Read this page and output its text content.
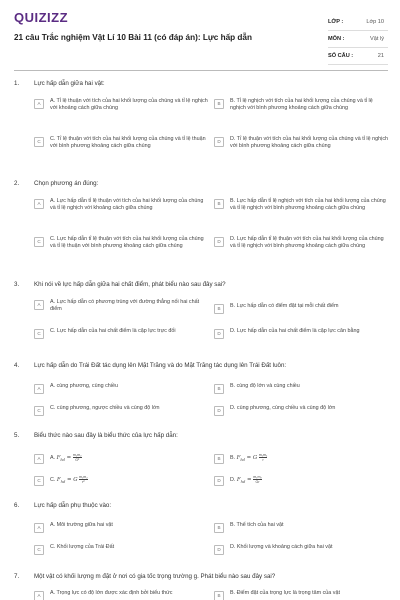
QUIZIZZ
21 câu Trắc nghiệm Vật Lí 10 Bài 11 (có đáp án): Lực hấp dẫn
LỚP :	Lớp 10
MÔN :	Vật lý
SỐ CÂU :	21
1. Lực hấp dẫn giữa hai vật:
A	A. Tỉ lệ thuận với tích của hai khối lượng của chúng và tỉ lệ nghịch với khoảng cách giữa chúng
B	B. Tỉ lệ nghịch với tích của hai khối lượng của chúng và tỉ lệ nghịch với bình phương khoảng cách giữa chúng
C	C. Tỉ lệ thuận với tích của hai khối lượng của chúng và tỉ lệ thuận với bình phương khoảng cách giữa chúng
D	D. Tỉ lệ thuận với tích của hai khối lượng của chúng và tỉ lệ nghịch với bình phương khoảng cách giữa chúng
2. Chọn phương án đúng:
A	A. Lực hấp dẫn tỉ lệ thuận với tích của hai khối lượng của chúng và tỉ lệ nghịch với khoảng cách giữa chúng
B	B. Lực hấp dẫn tỉ lệ nghịch với tích của hai khối lượng của chúng và tỉ lệ nghịch với bình phương khoảng cách giữa chúng
C	C. Lực hấp dẫn tỉ lệ thuận với tích của hai khối lượng của chúng và tỉ lệ thuận với bình phương khoảng cách giữa chúng
D	D. Lực hấp dẫn tỉ lệ thuận với tích của hai khối lượng của chúng và tỉ lệ nghịch với bình phương khoảng cách giữa chúng
3. Khi nói về lực hấp dẫn giữa hai chất điểm, phát biểu nào sau đây sai?
A	A. Lực hấp dẫn có phương trùng với đường thẳng nối hai chất điểm	B	B. Lực hấp dẫn có điểm đặt tại mỗi chất điểm
C	C. Lực hấp dẫn của hai chất điểm là cặp lực trực đối	D	D. Lực hấp dẫn của hai chất điểm là cặp lực cân bằng
4. Lực hấp dẫn do Trái Đất tác dụng lên Mặt Trăng và do Mặt Trăng tác dụng lên Trái Đất luôn:
A	A. cùng phương, cùng chiều	B	B. cùng độ lớn và cùng chiều
C	C. cùng phương, ngược chiều và cùng độ lớn	D	D. cùng phương, cùng chiều và cùng độ lớn
5. Biểu thức nào sau đây là biểu thức của lực hấp dẫn:
A	A. $F_{hd} = \frac{\text{m₁m₂}}{\text{G²}}$	B	B. $F_{hd} = G \frac{\text{m₁m₂}}{r}$
C	C. $F_{hd} = G \frac{\text{m₁m₂}}{\text{r²}}$	D	D. $F_{hd} = \frac{\text{m₁m₂}}{Gr}$
6. Lực hấp dẫn phụ thuộc vào:
A	A. Môi trường giữa hai vật	B	B. Thể tích của hai vật
C	C. Khối lượng của Trái Đất	D	D. Khối lượng và khoảng cách giữa hai vật
7. Một vật có khối lượng m đặt ở nơi có gia tốc trọng trường g. Phát biểu nào sau đây sai?
A	A. Trọng lực có độ lớn được xác định bởi biểu thức	B	B. Điểm đặt của trọng lực là trọng tâm của vật
